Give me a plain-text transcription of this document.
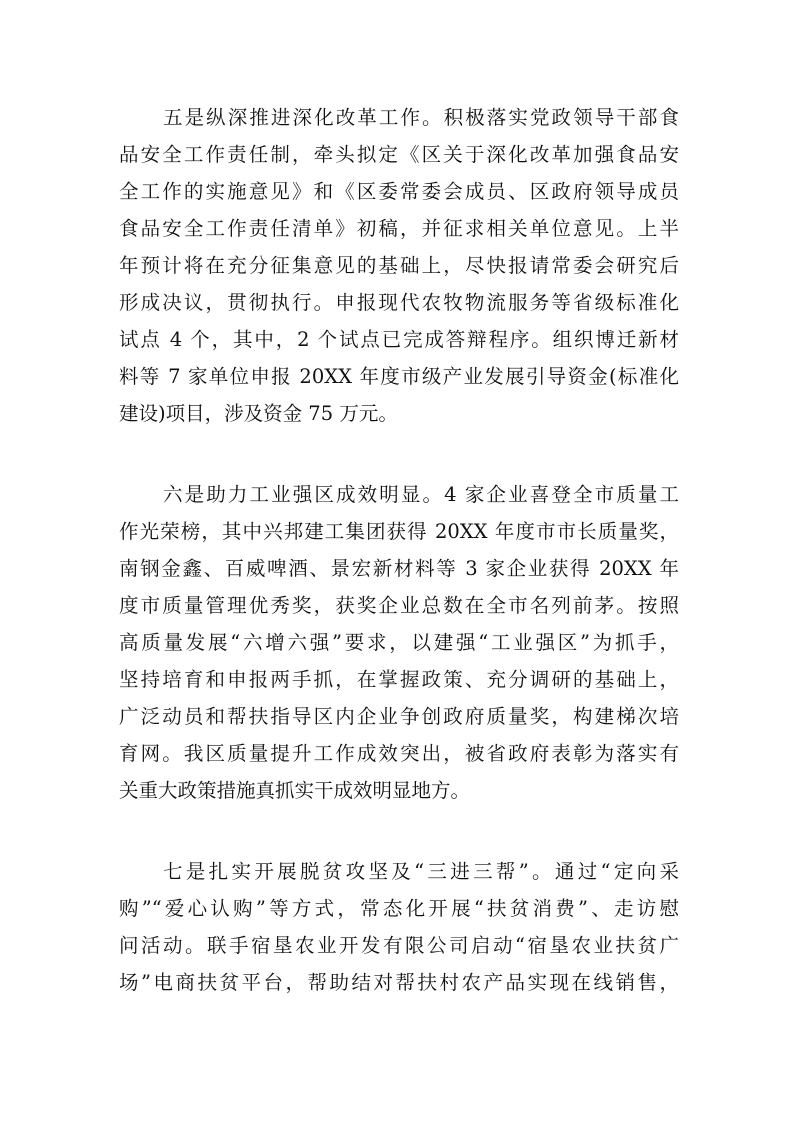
五是纵深推进深化改革工作。积极落实党政领导干部食
品安全工作责任制，牵头拟定《区关于深化改革加强食品安
全工作的实施意见》和《区委常委会成员、区政府领导成员
食品安全工作责任清单》初稿，并征求相关单位意见。上半
年预计将在充分征集意见的基础上，尽快报请常委会研究后
形成决议，贯彻执行。申报现代农牧物流服务等省级标准化
试点 4 个，其中，2 个试点已完成答辩程序。组织博迁新材
料等 7 家单位申报 20XX 年度市级产业发展引导资金(标准化
建设)项目，涉及资金 75 万元。
六是助力工业强区成效明显。4 家企业喜登全市质量工
作光荣榜，其中兴邦建工集团获得 20XX 年度市市长质量奖，
南钢金鑫、百威啤酒、景宏新材料等 3 家企业获得 20XX 年
度市质量管理优秀奖，获奖企业总数在全市名列前茅。按照
高质量发展“六增六强”要求，以建强“工业强区”为抓手，
坚持培育和申报两手抓，在掌握政策、充分调研的基础上，
广泛动员和帮扶指导区内企业争创政府质量奖，构建梯次培
育网。我区质量提升工作成效突出，被省政府表彰为落实有
关重大政策措施真抓实干成效明显地方。
七是扎实开展脱贫攻坚及“三进三帮”。通过“定向采
购”“爱心认购”等方式，常态化开展“扶贫消费”、走访慰
问活动。联手宿垦农业开发有限公司启动“宿垦农业扶贫广
场”电商扶贫平台，帮助结对帮扶村农产品实现在线销售，
